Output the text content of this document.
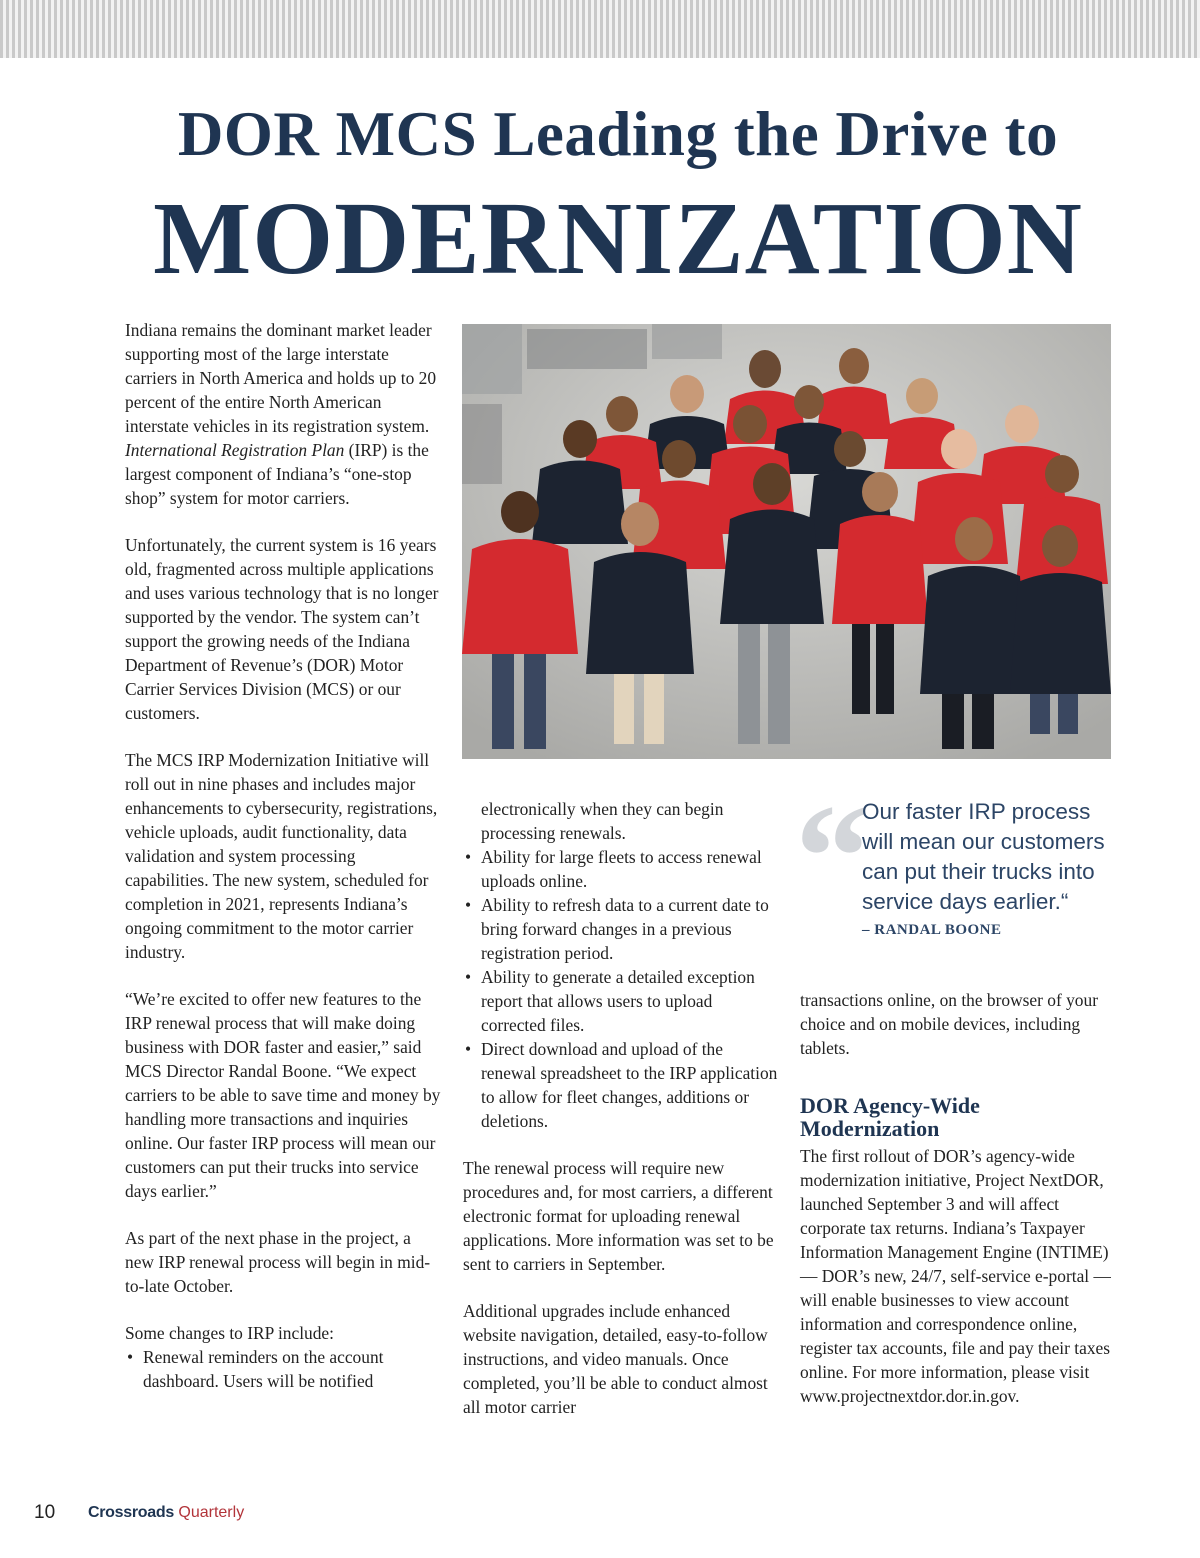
DOR MCS Leading the Drive to
MODERNIZATION

Indiana remains the dominant market leader supporting most of the large interstate carriers in North America and holds up to 20 percent of the entire North American interstate vehicles in its registration system. International Registration Plan (IRP) is the largest component of Indiana’s “one-stop shop” system for motor carriers.

Unfortunately, the current system is 16 years old, fragmented across multiple applications and uses various technology that is no longer supported by the vendor. The system can’t support the growing needs of the Indiana Department of Revenue’s (DOR) Motor Carrier Services Division (MCS) or our customers.

The MCS IRP Modernization Initiative will roll out in nine phases and includes major enhancements to cybersecurity, registrations, vehicle uploads, audit functionality, data validation and system processing capabilities. The new system, scheduled for completion in 2021, represents Indiana’s ongoing commitment to the motor carrier industry.

“We’re excited to offer new features to the IRP renewal process that will make doing business with DOR faster and easier,” said MCS Director Randal Boone. “We expect carriers to be able to save time and money by handling more transactions and inquiries online. Our faster IRP process will mean our customers can put their trucks into service days earlier.”

As part of the next phase in the project, a new IRP renewal process will begin in mid-to-late October.

Some changes to IRP include:

• Renewal reminders on the account dashboard. Users will be notified

electronically when they can begin processing renewals.

• Ability for large fleets to access renewal uploads online.
• Ability to refresh data to a current date to bring forward changes in a previous registration period.
• Ability to generate a detailed exception report that allows users to upload corrected files.
• Direct download and upload of the renewal spreadsheet to the IRP application to allow for fleet changes, additions or deletions.

The renewal process will require new procedures and, for most carriers, a different electronic format for uploading renewal applications. More information was set to be sent to carriers in September.

Additional upgrades include enhanced website navigation, detailed, easy-to-follow instructions, and video manuals. Once completed, you’ll be able to conduct almost all motor carrier

“
Our faster IRP process will mean our customers can put their trucks into service days earlier.“
– RANDAL BOONE

transactions online, on the browser of your choice and on mobile devices, including tablets.

DOR Agency-Wide Modernization

The first rollout of DOR’s agency-wide modernization initiative, Project NextDOR, launched September 3 and will affect corporate tax returns. Indiana’s Taxpayer Information Management Engine (INTIME) — DOR’s new, 24/7, self-service e-portal — will enable businesses to view account information and correspondence online, register tax accounts, file and pay their taxes online. For more information, please visit www.projectnextdor.dor.in.gov.

10 Crossroads Quarterly
